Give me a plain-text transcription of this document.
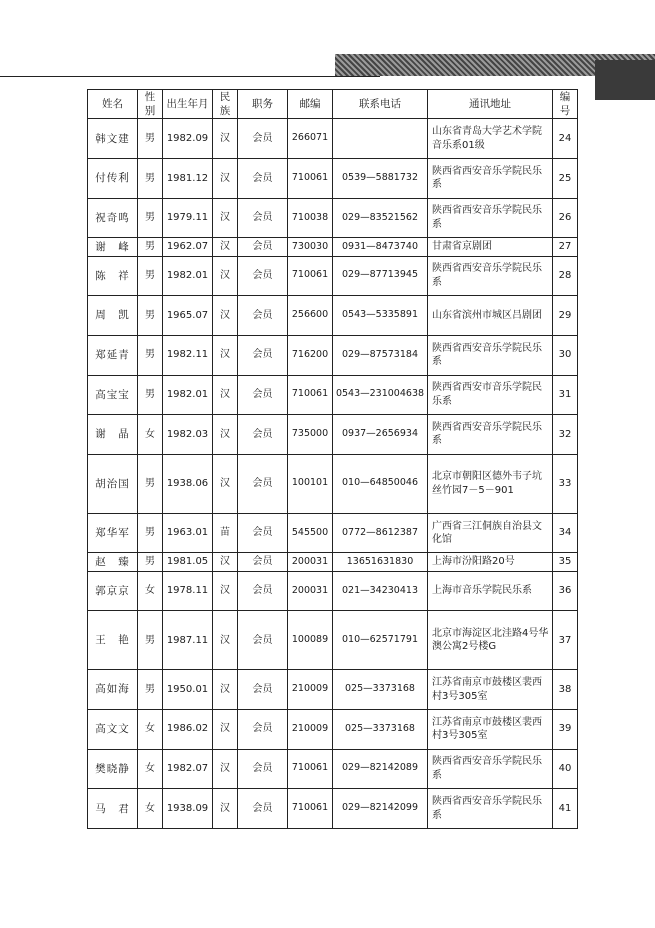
姓名	性别	出生年月	民族	职务	邮编	联系电话	通讯地址	编号
韩文建	男	1982.09	汉	会员	266071		山东省青岛大学艺术学院音乐系01级	24
付传利	男	1981.12	汉	会员	710061	0539—5881732	陕西省西安音乐学院民乐系	25
祝奇鸣	男	1979.11	汉	会员	710038	029—83521562	陕西省西安音乐学院民乐系	26
谢　峰	男	1962.07	汉	会员	730030	0931—8473740	甘肃省京剧团	27
陈　祥	男	1982.01	汉	会员	710061	029—87713945	陕西省西安音乐学院民乐系	28
周　凯	男	1965.07	汉	会员	256600	0543—5335891	山东省滨州市城区吕剧团	29
郑延青	男	1982.11	汉	会员	716200	029—87573184	陕西省西安音乐学院民乐系	30
高宝宝	男	1982.01	汉	会员	710061	0543—231004638	陕西省西安市音乐学院民乐系	31
谢　晶	女	1982.03	汉	会员	735000	0937—2656934	陕西省西安音乐学院民乐系	32
胡治国	男	1938.06	汉	会员	100101	010—64850046	北京市朝阳区德外韦子坑丝竹园7－5－901	33
郑华军	男	1963.01	苗	会员	545500	0772—8612387	广西省三江侗族自治县文化馆	34
赵　臻	男	1981.05	汉	会员	200031	13651631830	上海市汾阳路20号	35
郭京京	女	1978.11	汉	会员	200031	021—34230413	上海市音乐学院民乐系	36
王　艳	男	1987.11	汉	会员	100089	010—62571791	北京市海淀区北洼路4号华澳公寓2号楼G	37
高如海	男	1950.01	汉	会员	210009	025—3373168	江苏省南京市鼓楼区裴西村3号305室	38
高文文	女	1986.02	汉	会员	210009	025—3373168	江苏省南京市鼓楼区裴西村3号305室	39
樊晓静	女	1982.07	汉	会员	710061	029—82142089	陕西省西安音乐学院民乐系	40
马　君	女	1938.09	汉	会员	710061	029—82142099	陕西省西安音乐学院民乐系	41
